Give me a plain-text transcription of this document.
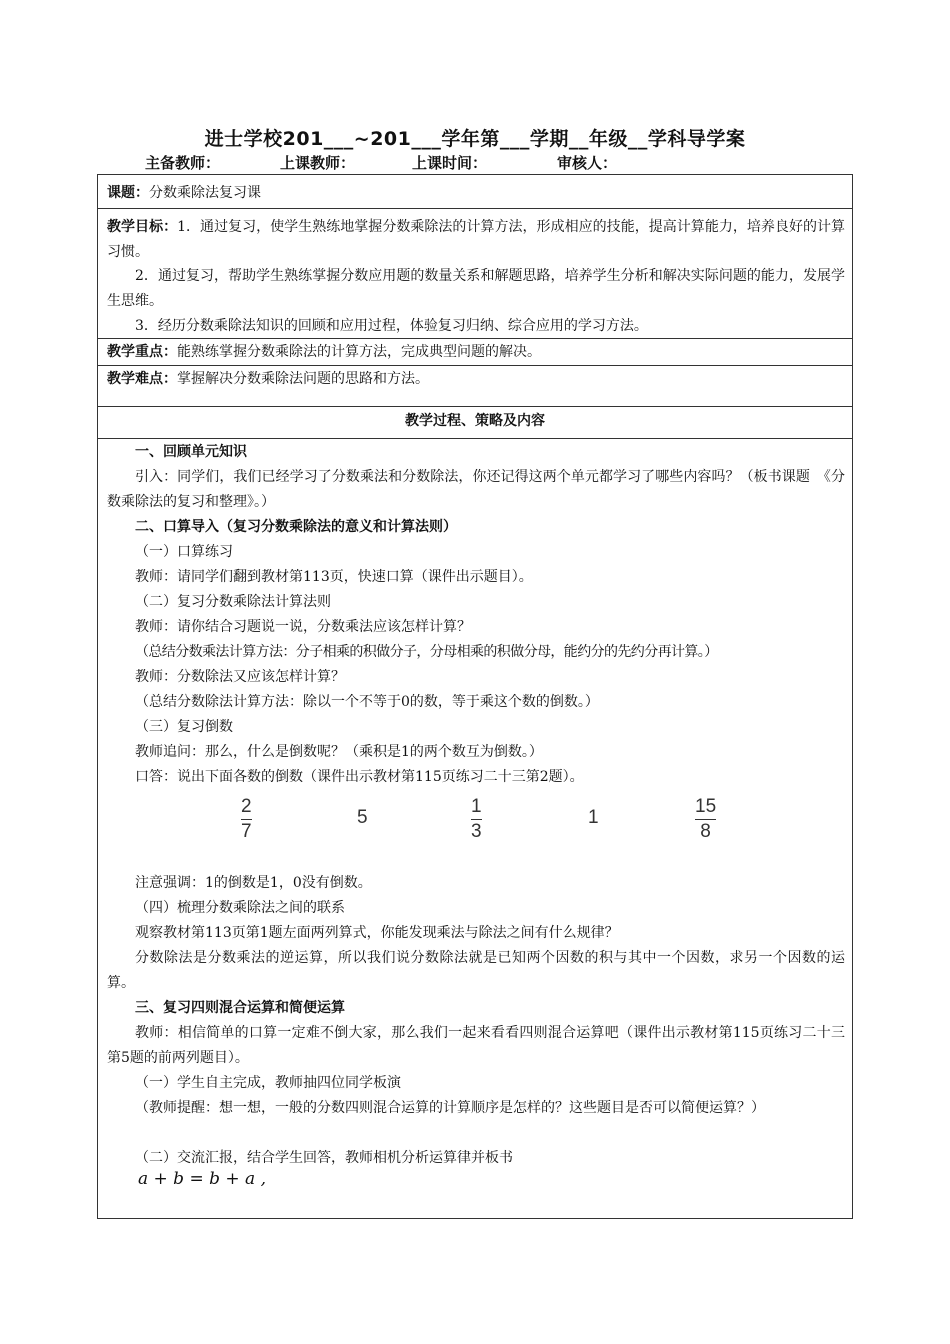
进士学校201___~201___学年第___学期__年级__学科导学案
主备教师：	上课教师：	上课时间：	审核人：
课题：分数乘除法复习课
教学目标：1．通过复习，使学生熟练地掌握分数乘除法的计算方法，形成相应的技能，提高计算能力，培养良好的计算习惯。
2．通过复习，帮助学生熟练掌握分数应用题的数量关系和解题思路，培养学生分析和解决实际问题的能力，发展学生思维。
3．经历分数乘除法知识的回顾和应用过程，体验复习归纳、综合应用的学习方法。
教学重点：能熟练掌握分数乘除法的计算方法，完成典型问题的解决。
教学难点：掌握解决分数乘除法问题的思路和方法。
教学过程、策略及内容
一、回顾单元知识
引入：同学们，我们已经学习了分数乘法和分数除法，你还记得这两个单元都学习了哪些内容吗？（板书课题　《分数乘除法的复习和整理》。）
二、口算导入（复习分数乘除法的意义和计算法则）
（一）口算练习
教师：请同学们翻到教材第113页，快速口算（课件出示题目）。
（二）复习分数乘除法计算法则
教师：请你结合习题说一说，分数乘法应该怎样计算？
（总结分数乘法计算方法：分子相乘的积做分子，分母相乘的积做分母，能约分的先约分再计算。）
教师：分数除法又应该怎样计算？
（总结分数除法计算方法：除以一个不等于0的数，等于乘这个数的倒数。）
（三）复习倒数
教师追问：那么，什么是倒数呢？（乘积是1的两个数互为倒数。）
口答：说出下面各数的倒数（课件出示教材第115页练习二十三第2题）。
2
7
5
1
3
1
15
8
注意强调：1的倒数是1，0没有倒数。
（四）梳理分数乘除法之间的联系
观察教材第113页第1题左面两列算式，你能发现乘法与除法之间有什么规律？
分数除法是分数乘法的逆运算，所以我们说分数除法就是已知两个因数的积与其中一个因数，求另一个因数的运算。
三、复习四则混合运算和简便运算
教师：相信简单的口算一定难不倒大家，那么我们一起来看看四则混合运算吧（课件出示教材第115页练习二十三第5题的前两列题目）。
（一）学生自主完成，教师抽四位同学板演
（教师提醒：想一想，一般的分数四则混合运算的计算顺序是怎样的？这些题目是否可以简便运算？）
（二）交流汇报，结合学生回答，教师相机分析运算律并板书
a + b = b + a ,
